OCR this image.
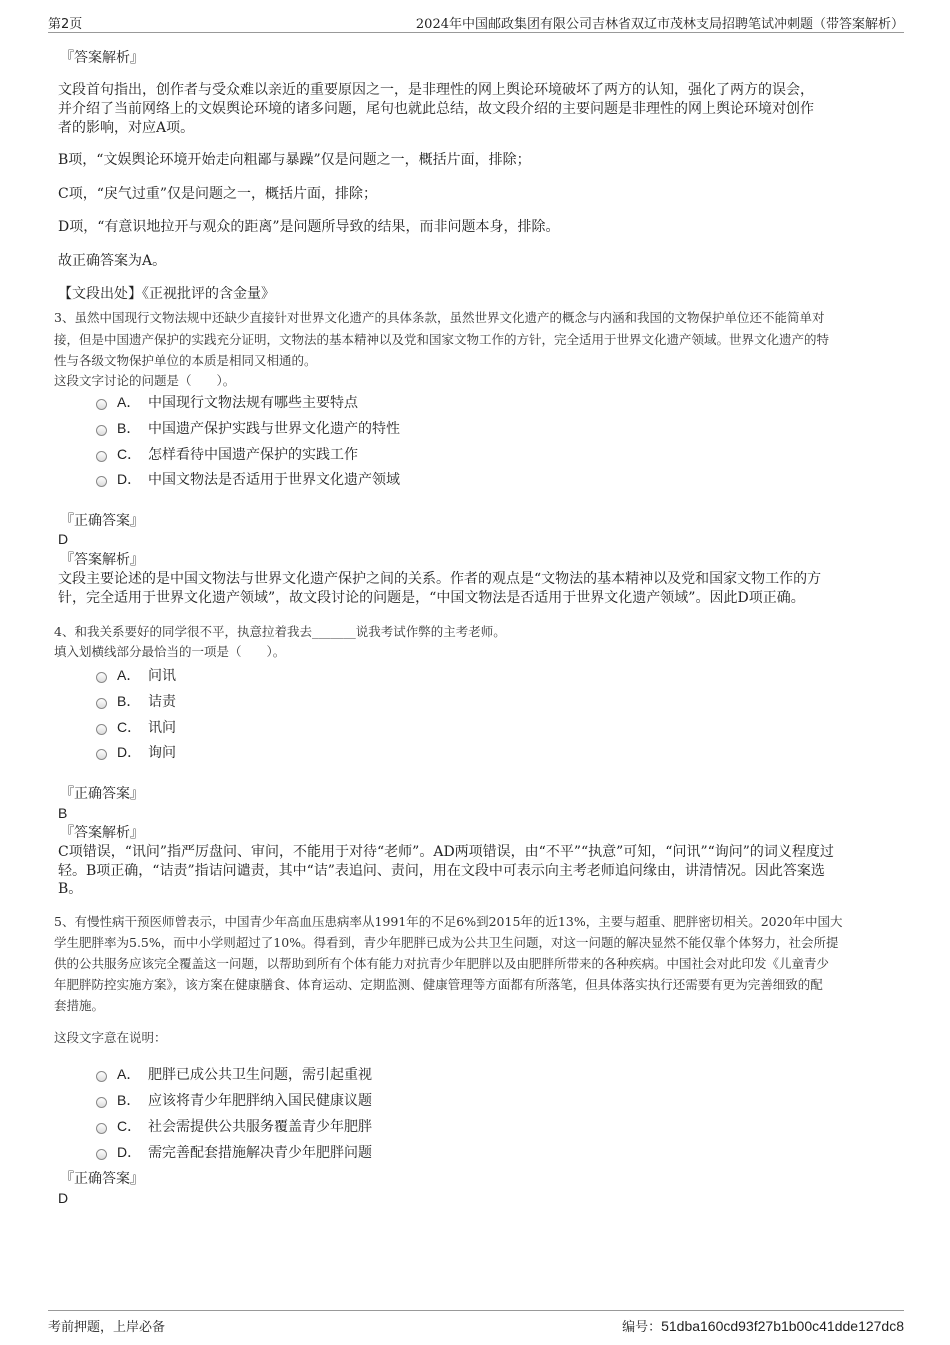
第2页	2024年中国邮政集团有限公司吉林省双辽市茂林支局招聘笔试冲刺题（带答案解析）
『答案解析』
文段首句指出，创作者与受众难以亲近的重要原因之一，是非理性的网上舆论环境破坏了两方的认知，强化了两方的误会，
并介绍了当前网络上的文娱舆论环境的诸多问题，尾句也就此总结，故文段介绍的主要问题是非理性的网上舆论环境对创作
者的影响，对应A项。
B项，“文娱舆论环境开始走向粗鄙与暴躁”仅是问题之一，概括片面，排除；
C项，“戾气过重”仅是问题之一，概括片面，排除；
D项，“有意识地拉开与观众的距离”是问题所导致的结果，而非问题本身，排除。
故正确答案为A。
【文段出处】《正视批评的含金量》
3、虽然中国现行文物法规中还缺少直接针对世界文化遗产的具体条款，虽然世界文化遗产的概念与内涵和我国的文物保护单位还不能简单对
接，但是中国遗产保护的实践充分证明，文物法的基本精神以及党和国家文物工作的方针，完全适用于世界文化遗产领域。世界文化遗产的特
性与各级文物保护单位的本质是相同又相通的。
这段文字讨论的问题是（　　）。
A． 中国现行文物法规有哪些主要特点
B． 中国遗产保护实践与世界文化遗产的特性
C． 怎样看待中国遗产保护的实践工作
D． 中国文物法是否适用于世界文化遗产领域
『正确答案』
D
『答案解析』
文段主要论述的是中国文物法与世界文化遗产保护之间的关系。作者的观点是“文物法的基本精神以及党和国家文物工作的方
针，完全适用于世界文化遗产领域”，故文段讨论的问题是，“中国文物法是否适用于世界文化遗产领域”。因此D项正确。
4、和我关系要好的同学很不平，执意拉着我去_______说我考试作弊的主考老师。
填入划横线部分最恰当的一项是（　　）。
A． 问讯
B． 诘责
C． 讯问
D． 询问
『正确答案』
B
『答案解析』
C项错误，“讯问”指严厉盘问、审问，不能用于对待“老师”。AD两项错误，由“不平”“执意”可知，“问讯”“询问”的词义程度过
轻。B项正确，“诘责”指诘问谴责，其中“诘”表追问、责问，用在文段中可表示向主考老师追问缘由，讲清情况。因此答案选
B。
5、有慢性病干预医师曾表示，中国青少年高血压患病率从1991年的不足6%到2015年的近13%，主要与超重、肥胖密切相关。2020年中国大
学生肥胖率为5.5%，而中小学则超过了10%。得看到，青少年肥胖已成为公共卫生问题，对这一问题的解决显然不能仅靠个体努力，社会所提
供的公共服务应该完全覆盖这一问题，以帮助到所有个体有能力对抗青少年肥胖以及由肥胖所带来的各种疾病。中国社会对此印发《儿童青少
年肥胖防控实施方案》，该方案在健康膳食、体育运动、定期监测、健康管理等方面都有所落笔，但具体落实执行还需要有更为完善细致的配
套措施。
这段文字意在说明：
A． 肥胖已成公共卫生问题，需引起重视
B． 应该将青少年肥胖纳入国民健康议题
C． 社会需提供公共服务覆盖青少年肥胖
D． 需完善配套措施解决青少年肥胖问题
『正确答案』
D
考前押题，上岸必备	编号：51dba160cd93f27b1b00c41dde127dc8
